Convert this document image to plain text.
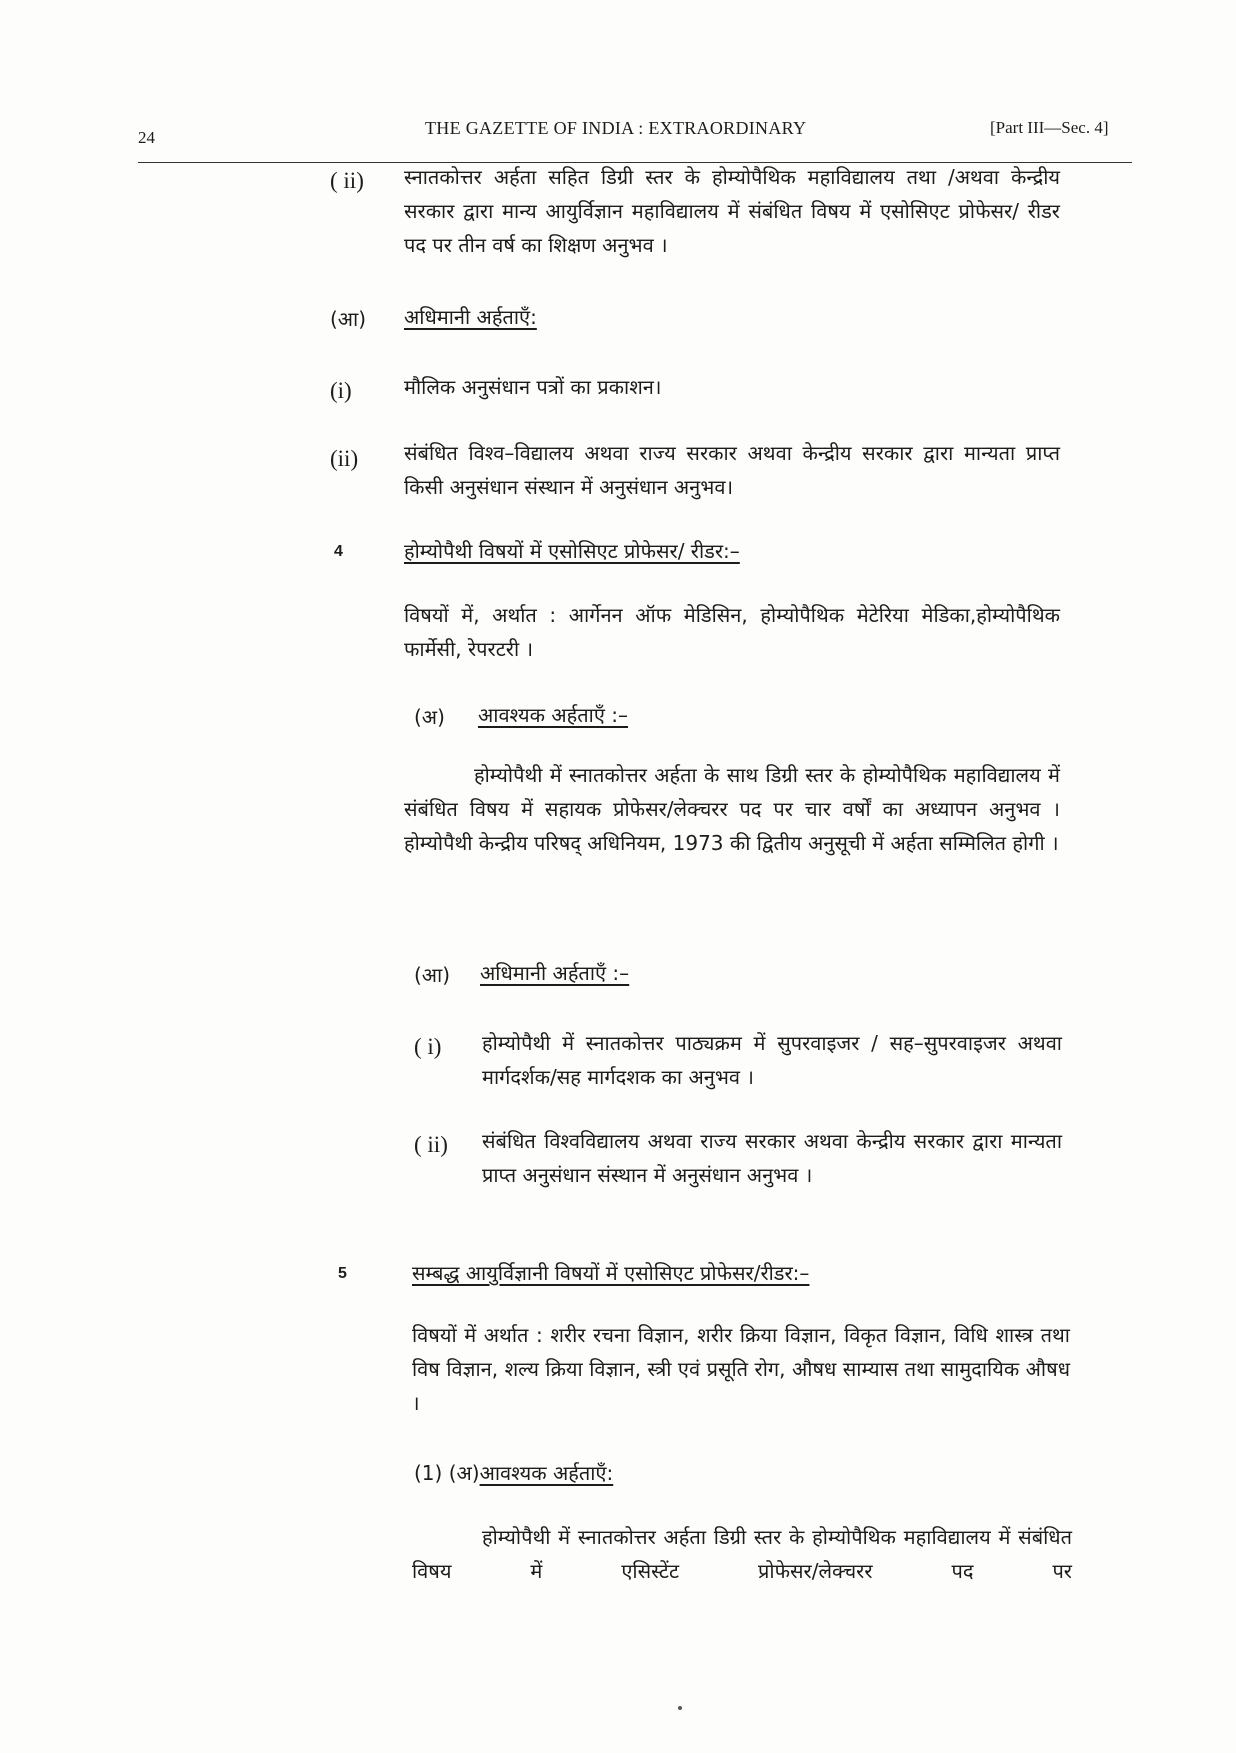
24	THE GAZETTE OF INDIA : EXTRAORDINARY	[Part III—Sec. 4]
( ii) स्नातकोत्तर अर्हता सहित डिग्री स्तर के होम्योपैथिक महाविद्यालय तथा /अथवा केन्द्रीय सरकार द्वारा मान्य आयुर्विज्ञान महाविद्यालय में संबंधित विषय में एसोसिएट प्रोफेसर/ रीडर पद पर तीन वर्ष का शिक्षण अनुभव ।
(आ) अधिमानी अर्हताएँ:
(i)	मौलिक अनुसंधान पत्रों का प्रकाशन।
(ii) संबंधित विश्व–विद्यालय अथवा राज्य सरकार अथवा केन्द्रीय सरकार द्वारा मान्यता प्राप्त किसी अनुसंधान संस्थान में अनुसंधान अनुभव।
4	होम्योपैथी विषयों में एसोसिएट प्रोफेसर/ रीडर:–
विषयों में, अर्थात : आर्गेनन ऑफ मेडिसिन, होम्योपैथिक मेटेरिया मेडिका,होम्योपैथिक फार्मेसी, रेपरटरी ।
(अ) आवश्यक अर्हताएँ :–
होम्योपैथी में स्नातकोत्तर अर्हता के साथ डिग्री स्तर के होम्योपैथिक महाविद्यालय में संबंधित विषय में सहायक प्रोफेसर/लेक्चरर पद पर चार वर्षों का अध्यापन अनुभव । होम्योपैथी केन्द्रीय परिषद् अधिनियम, 1973 की द्वितीय अनुसूची में अर्हता सम्मिलित होगी ।
(आ) अधिमानी अर्हताएँ :–
( i) होम्योपैथी में स्नातकोत्तर पाठ्यक्रम में सुपरवाइजर / सह–सुपरवाइजर अथवा मार्गदर्शक/सह मार्गदशक का अनुभव ।
( ii) संबंधित विश्वविद्यालय अथवा राज्य सरकार अथवा केन्द्रीय सरकार द्वारा मान्यता प्राप्त अनुसंधान संस्थान में अनुसंधान अनुभव ।
5	सम्बद्ध आयुर्विज्ञानी विषयों में एसोसिएट प्रोफेसर/रीडर:–
विषयों में अर्थात : शरीर रचना विज्ञान, शरीर क्रिया विज्ञान, विकृत विज्ञान, विधि शास्त्र तथा विष विज्ञान, शल्य क्रिया विज्ञान, स्त्री एवं प्रसूति रोग, औषध साम्यास तथा सामुदायिक औषध ।
(1) (अ)आवश्यक अर्हताएँ:
होम्योपैथी में स्नातकोत्तर अर्हता डिग्री स्तर के होम्योपैथिक महाविद्यालय में संबंधित विषय में एसिस्टेंट प्रोफेसर/लेक्चरर पद पर
